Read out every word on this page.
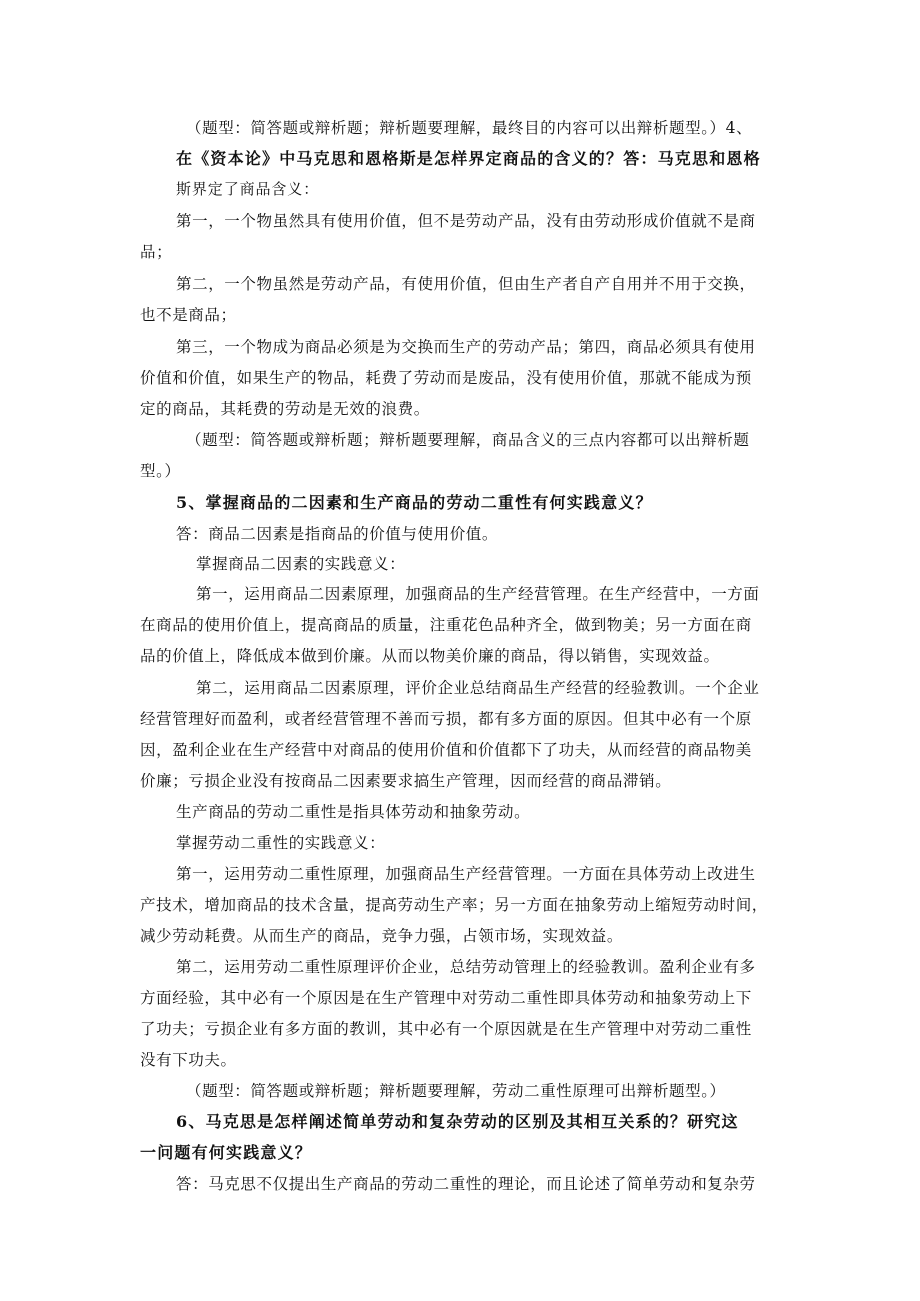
（题型：简答题或辩析题；辩析题要理解，最终目的内容可以出辩析题型。）4、
在《资本论》中马克思和恩格斯是怎样界定商品的含义的？答：马克思和恩格
斯界定了商品含义：
第一，一个物虽然具有使用价值，但不是劳动产品，没有由劳动形成价值就不是商
品；
第二，一个物虽然是劳动产品，有使用价值，但由生产者自产自用并不用于交换，
也不是商品；
第三，一个物成为商品必须是为交换而生产的劳动产品；第四，商品必须具有使用
价值和价值，如果生产的物品，耗费了劳动而是废品，没有使用价值，那就不能成为预
定的商品，其耗费的劳动是无效的浪费。
（题型：简答题或辩析题；辩析题要理解，商品含义的三点内容都可以出辩析题
型。）
5、掌握商品的二因素和生产商品的劳动二重性有何实践意义？
答：商品二因素是指商品的价值与使用价值。
掌握商品二因素的实践意义：
第一，运用商品二因素原理，加强商品的生产经营管理。在生产经营中，一方面
在商品的使用价值上，提高商品的质量，注重花色品种齐全，做到物美；另一方面在商
品的价值上，降低成本做到价廉。从而以物美价廉的商品，得以销售，实现效益。
第二，运用商品二因素原理，评价企业总结商品生产经营的经验教训。一个企业
经营管理好而盈利，或者经营管理不善而亏损，都有多方面的原因。但其中必有一个原
因，盈利企业在生产经营中对商品的使用价值和价值都下了功夫，从而经营的商品物美
价廉；亏损企业没有按商品二因素要求搞生产管理，因而经营的商品滞销。
生产商品的劳动二重性是指具体劳动和抽象劳动。
掌握劳动二重性的实践意义：
第一，运用劳动二重性原理，加强商品生产经营管理。一方面在具体劳动上改进生
产技术，增加商品的技术含量，提高劳动生产率；另一方面在抽象劳动上缩短劳动时间，
减少劳动耗费。从而生产的商品，竞争力强，占领市场，实现效益。
第二，运用劳动二重性原理评价企业，总结劳动管理上的经验教训。盈利企业有多
方面经验，其中必有一个原因是在生产管理中对劳动二重性即具体劳动和抽象劳动上下
了功夫；亏损企业有多方面的教训，其中必有一个原因就是在生产管理中对劳动二重性
没有下功夫。
（题型：简答题或辩析题；辩析题要理解，劳动二重性原理可出辩析题型。）
6、马克思是怎样阐述简单劳动和复杂劳动的区别及其相互关系的？研究这
一问题有何实践意义？
答：马克思不仅提出生产商品的劳动二重性的理论，而且论述了简单劳动和复杂劳
